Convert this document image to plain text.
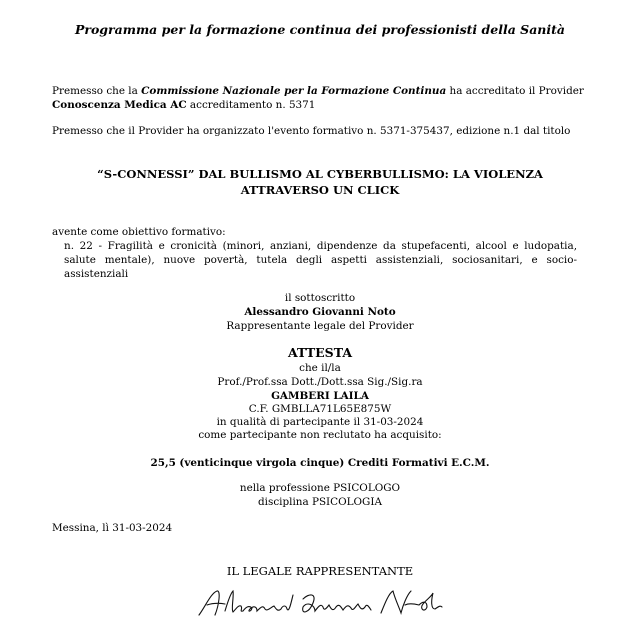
Programma per la formazione continua dei professionisti della Sanità
Premesso che la Commissione Nazionale per la Formazione Continua ha accreditato il Provider
Conoscenza Medica AC accreditamento n. 5371
Premesso che il Provider ha organizzato l'evento formativo n. 5371-375437, edizione n.1 dal titolo
“S-CONNESSI” DAL BULLISMO AL CYBERBULLISMO: LA VIOLENZA
ATTRAVERSO UN CLICK
avente come obiettivo formativo:
n. 22 - Fragilità e cronicità (minori, anziani, dipendenze da stupefacenti, alcool e ludopatia, salute mentale), nuove povertà, tutela degli aspetti assistenziali, sociosanitari, e socio-assistenziali
il sottoscritto
Alessandro Giovanni Noto
Rappresentante legale del Provider
ATTESTA
che il/la
Prof./Prof.ssa Dott./Dott.ssa Sig./Sig.ra
GAMBERI LAILA
C.F. GMBLLA71L65E875W
in qualità di partecipante il 31-03-2024
come partecipante non reclutato ha acquisito:
25,5 (venticinque virgola cinque) Crediti Formativi E.C.M.
nella professione PSICOLOGO
disciplina PSICOLOGIA
Messina, lì 31-03-2024
IL LEGALE RAPPRESENTANTE
